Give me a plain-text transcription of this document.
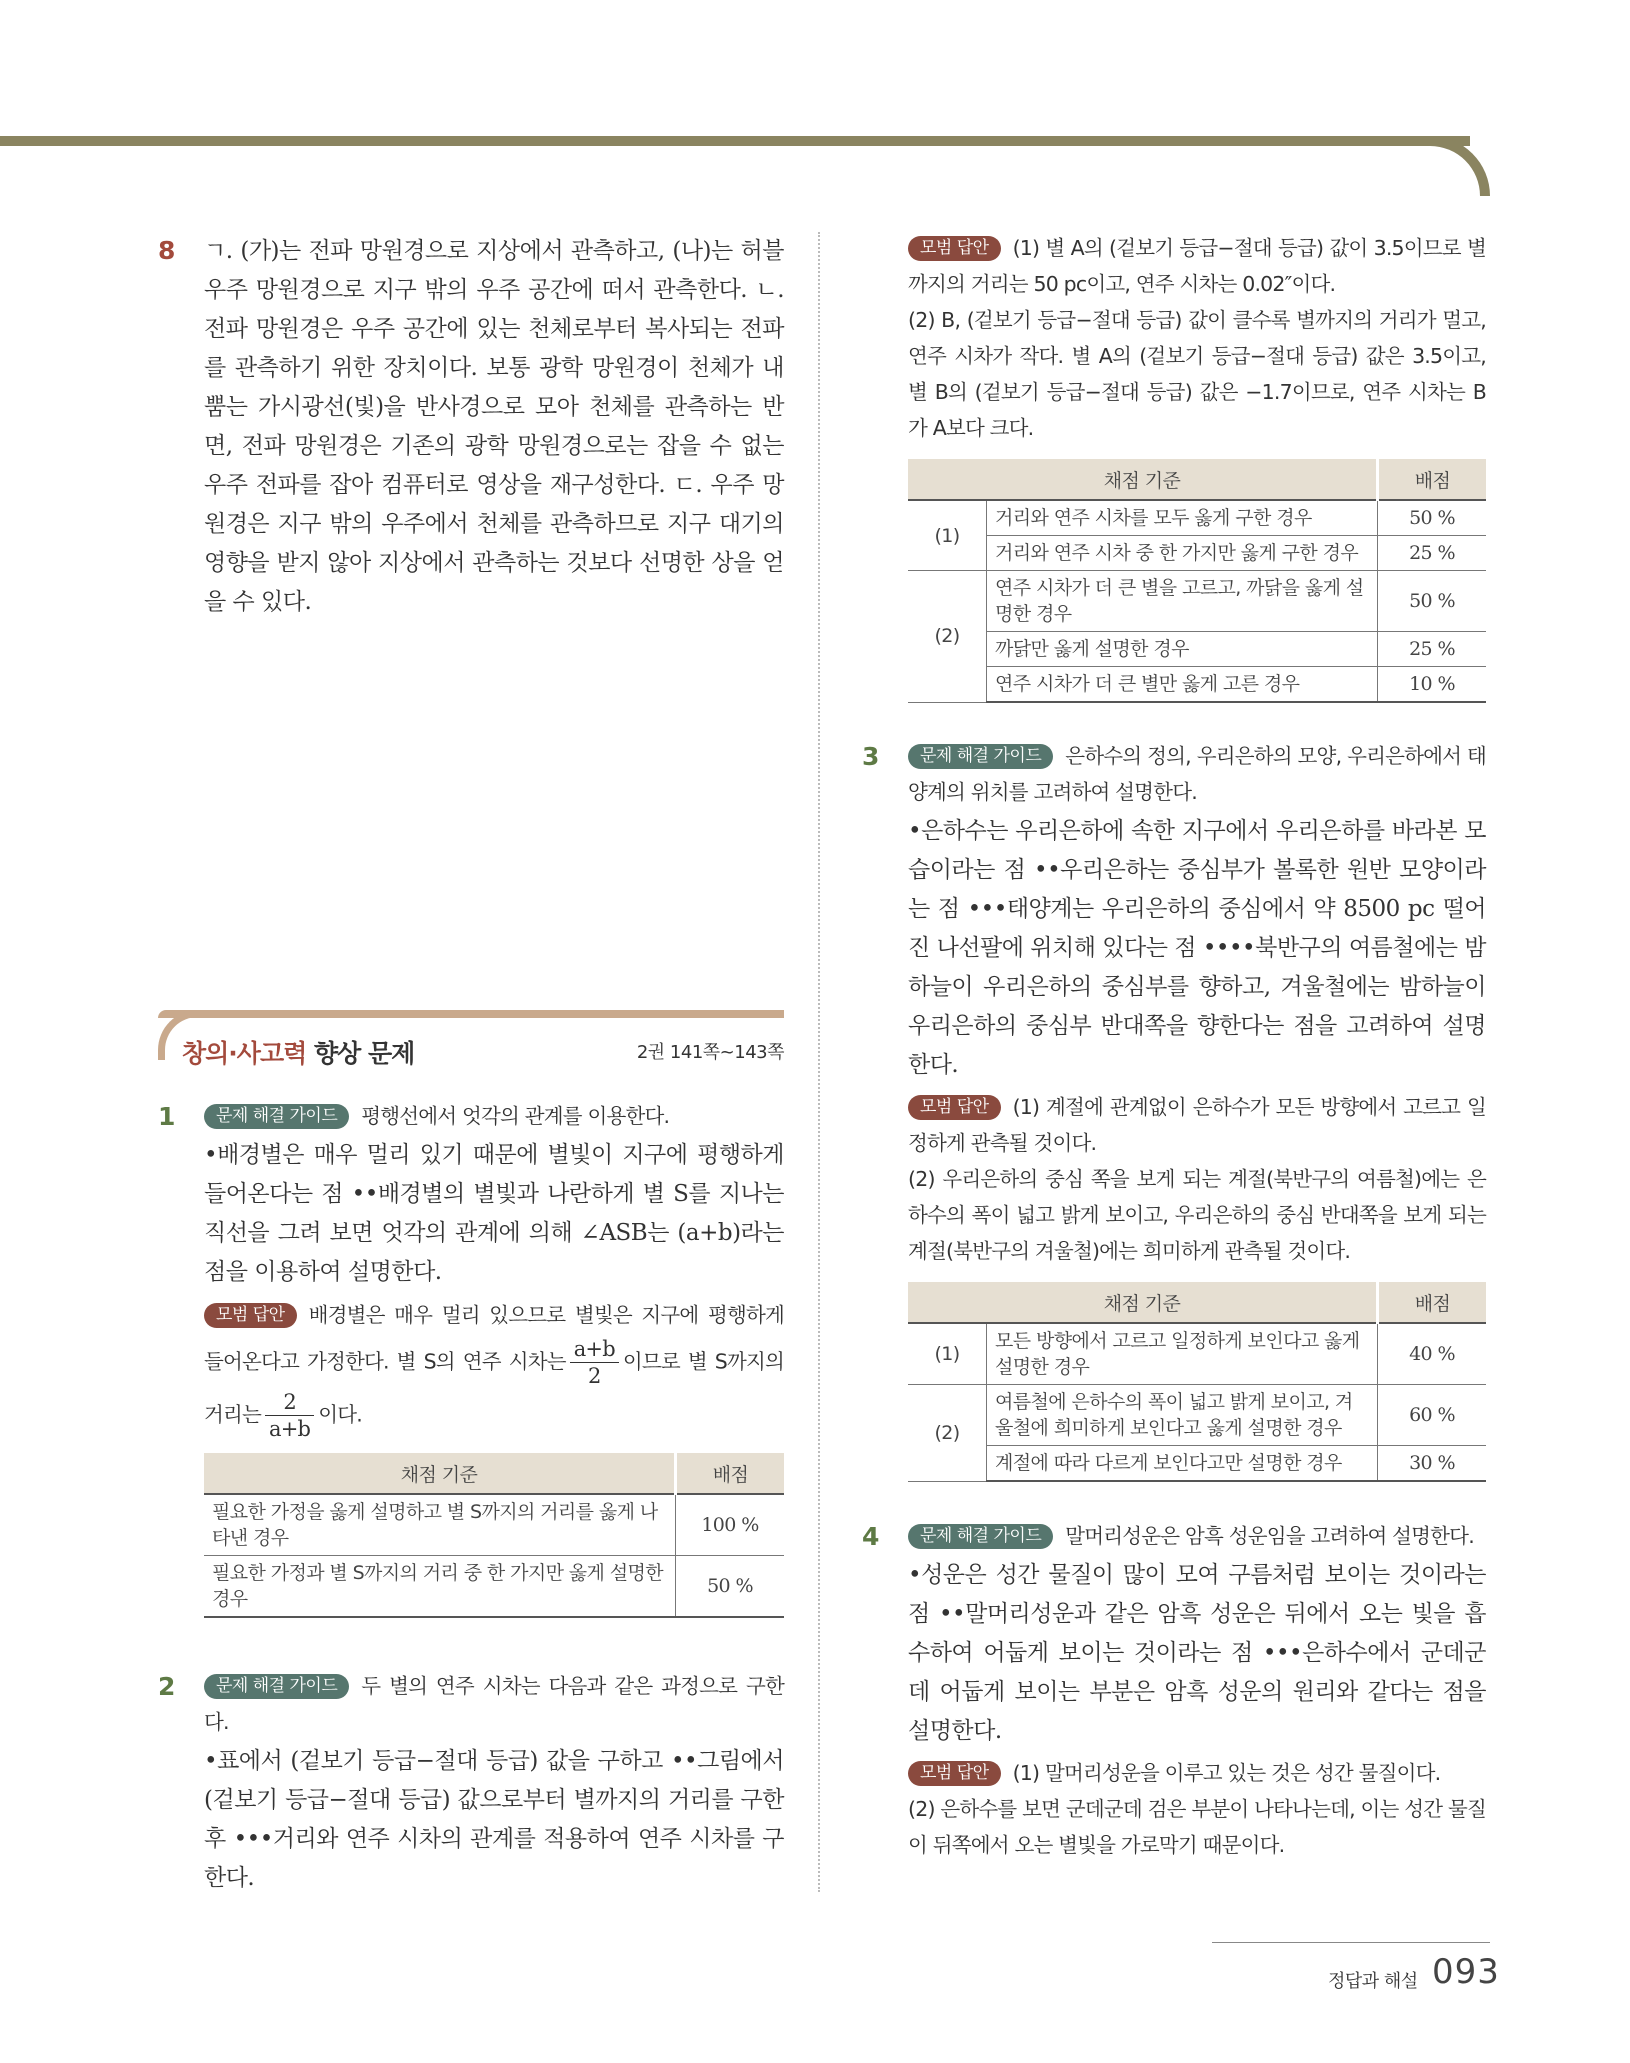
8 ㄱ. (가)는 전파 망원경으로 지상에서 관측하고, (나)는 허블 우주 망원경으로 지구 밖의 우주 공간에 떠서 관측한다. ㄴ. 전파 망원경은 우주 공간에 있는 천체로부터 복사되는 전파를 관측하기 위한 장치이다. 보통 광학 망원경이 천체가 내뿜는 가시광선(빛)을 반사경으로 모아 천체를 관측하는 반면, 전파 망원경은 기존의 광학 망원경으로는 잡을 수 없는 우주 전파를 잡아 컴퓨터로 영상을 재구성한다. ㄷ. 우주 망원경은 지구 밖의 우주에서 천체를 관측하므로 지구 대기의 영향을 받지 않아 지상에서 관측하는 것보다 선명한 상을 얻을 수 있다.

창의·사고력 향상 문제	2권 141쪽~143쪽
1	문제 해결 가이드 평행선에서 엇각의 관계를 이용한다.

•배경별은 매우 멀리 있기 때문에 별빛이 지구에 평행하게 들어온다는 점 ••배경별의 별빛과 나란하게 별 S를 지나는 직선을 그려 보면 엇각의 관계에 의해 ∠ASB는 (a+b)라는 점을 이용하여 설명한다.

모범 답안 배경별은 매우 멀리 있으므로 별빛은 지구에 평행하게 들어온다고 가정한다. 별 S의 연주 시차는 $\frac{a+b}{2}$ 이므로 별 S까지의 거리는 $\frac{2}{a+b}$ 이다.

채점 기준	배점
필요한 가정을 옳게 설명하고 별 S까지의 거리를 옳게 나타낸 경우	100 %
필요한 가정과 별 S까지의 거리 중 한 가지만 옳게 설명한 경우	50 %
2	문제 해결 가이드 두 별의 연주 시차는 다음과 같은 과정으로 구한다.

•표에서 (겉보기 등급−절대 등급) 값을 구하고 ••그림에서 (겉보기 등급−절대 등급) 값으로부터 별까지의 거리를 구한 후 •••거리와 연주 시차의 관계를 적용하여 연주 시차를 구한다.

모범 답안 (1) 별 A의 (겉보기 등급−절대 등급) 값이 3.5이므로 별까지의 거리는 50 pc이고, 연주 시차는 0.02″이다.

(2) B, (겉보기 등급−절대 등급) 값이 클수록 별까지의 거리가 멀고, 연주 시차가 작다. 별 A의 (겉보기 등급−절대 등급) 값은 3.5이고, 별 B의 (겉보기 등급−절대 등급) 값은 −1.7이므로, 연주 시차는 B가 A보다 크다.

채점 기준		배점
(1)	거리와 연주 시차를 모두 옳게 구한 경우	50 %
	거리와 연주 시차 중 한 가지만 옳게 구한 경우	25 %
(2)	연주 시차가 더 큰 별을 고르고, 까닭을 옳게 설명한 경우	50 %
	까닭만 옳게 설명한 경우	25 %
	연주 시차가 더 큰 별만 옳게 고른 경우	10 %
3	문제 해결 가이드 은하수의 정의, 우리은하의 모양, 우리은하에서 태양계의 위치를 고려하여 설명한다.

•은하수는 우리은하에 속한 지구에서 우리은하를 바라본 모습이라는 점 ••우리은하는 중심부가 볼록한 원반 모양이라는 점 •••태양계는 우리은하의 중심에서 약 8500 pc 떨어진 나선팔에 위치해 있다는 점 ••••북반구의 여름철에는 밤하늘이 우리은하의 중심부를 향하고, 겨울철에는 밤하늘이 우리은하의 중심부 반대쪽을 향한다는 점을 고려하여 설명한다.

모범 답안 (1) 계절에 관계없이 은하수가 모든 방향에서 고르고 일정하게 관측될 것이다.

(2) 우리은하의 중심 쪽을 보게 되는 계절(북반구의 여름철)에는 은하수의 폭이 넓고 밝게 보이고, 우리은하의 중심 반대쪽을 보게 되는 계절(북반구의 겨울철)에는 희미하게 관측될 것이다.

채점 기준		배점
(1)	모든 방향에서 고르고 일정하게 보인다고 옳게 설명한 경우	40 %
(2)	여름철에 은하수의 폭이 넓고 밝게 보이고, 겨울철에 희미하게 보인다고 옳게 설명한 경우	60 %
	계절에 따라 다르게 보인다고만 설명한 경우	30 %
4	문제 해결 가이드 말머리성운은 암흑 성운임을 고려하여 설명한다.

•성운은 성간 물질이 많이 모여 구름처럼 보이는 것이라는 점 ••말머리성운과 같은 암흑 성운은 뒤에서 오는 빛을 흡수하여 어둡게 보이는 것이라는 점 •••은하수에서 군데군데 어둡게 보이는 부분은 암흑 성운의 원리와 같다는 점을 설명한다.

모범 답안 (1) 말머리성운을 이루고 있는 것은 성간 물질이다.

(2) 은하수를 보면 군데군데 검은 부분이 나타나는데, 이는 성간 물질이 뒤쪽에서 오는 별빛을 가로막기 때문이다.

정답과 해설 093
